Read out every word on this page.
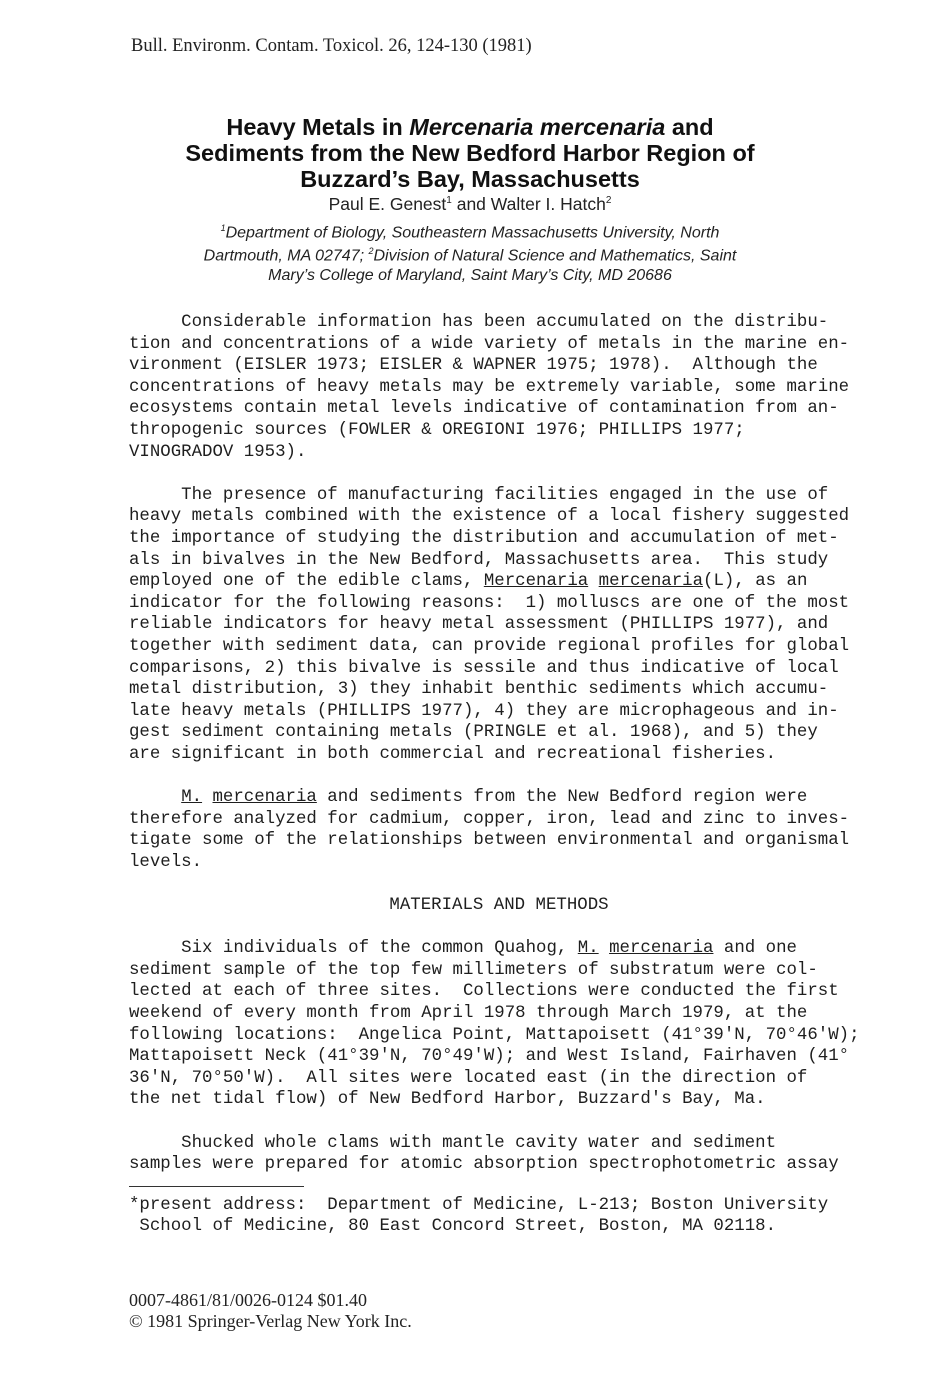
Bull. Environm. Contam. Toxicol. 26, 124-130 (1981)

Heavy Metals in Mercenaria mercenaria and

Sediments from the New Bedford Harbor Region of

Buzzard’s Bay, Massachusetts

Paul E. Genest$^1$ and Walter I. Hatch$^2$

$^1$Department of Biology, Southeastern Massachusetts University, North

Dartmouth, MA 02747; $^2$Division of Natural Science and Mathematics, Saint

Mary’s College of Maryland, Saint Mary’s City, MD 20686

Considerable information has been accumulated on the distribu-

tion and concentrations of a wide variety of metals in the marine en-

vironment (EISLER 1973; EISLER & WAPNER 1975; 1978).  Although the

concentrations of heavy metals may be extremely variable, some marine

ecosystems contain metal levels indicative of contamination from an-

thropogenic sources (FOWLER & OREGIONI 1976; PHILLIPS 1977;

VINOGRADOV 1953).

The presence of manufacturing facilities engaged in the use of

heavy metals combined with the existence of a local fishery suggested

the importance of studying the distribution and accumulation of met-

als in bivalves in the New Bedford, Massachusetts area.  This study

employed one of the edible clams, Mercenaria mercenaria(L), as an

indicator for the following reasons:  1) molluscs are one of the most

reliable indicators for heavy metal assessment (PHILLIPS 1977), and

together with sediment data, can provide regional profiles for global

comparisons, 2) this bivalve is sessile and thus indicative of local

metal distribution, 3) they inhabit benthic sediments which accumu-

late heavy metals (PHILLIPS 1977), 4) they are microphageous and in-

gest sediment containing metals (PRINGLE et al. 1968), and 5) they

are significant in both commercial and recreational fisheries.

M. mercenaria and sediments from the New Bedford region were

therefore analyzed for cadmium, copper, iron, lead and zinc to inves-

tigate some of the relationships between environmental and organismal

levels.

MATERIALS AND METHODS

Six individuals of the common Quahog, M. mercenaria and one

sediment sample of the top few millimeters of substratum were col-

lected at each of three sites.  Collections were conducted the first

weekend of every month from April 1978 through March 1979, at the

following locations:  Angelica Point, Mattapoisett (41°39'N, 70°46'W);

Mattapoisett Neck (41°39'N, 70°49'W); and West Island, Fairhaven (41°

36'N, 70°50'W).  All sites were located east (in the direction of

the net tidal flow) of New Bedford Harbor, Buzzard's Bay, Ma.

Shucked whole clams with mantle cavity water and sediment

samples were prepared for atomic absorption spectrophotometric assay

*present address:  Department of Medicine, L-213; Boston University

School of Medicine, 80 East Concord Street, Boston, MA 02118.

0007-4861/81/0026-0124 $01.40

© 1981 Springer-Verlag New York Inc.
